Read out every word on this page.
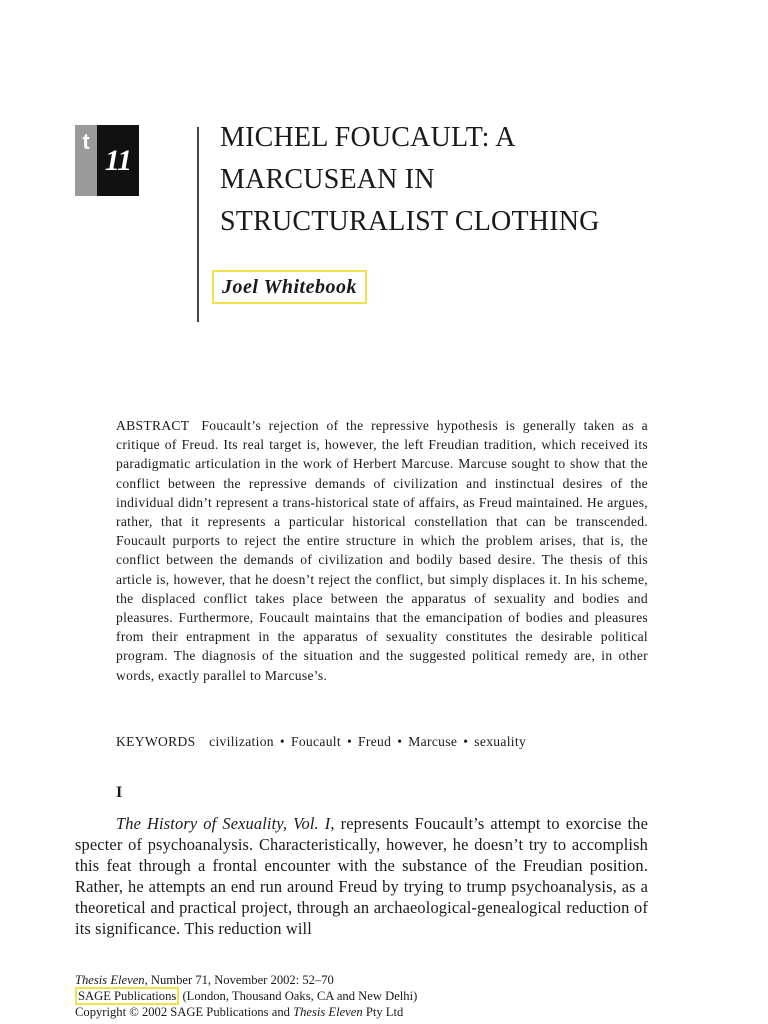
t
11
MICHEL FOUCAULT: A
MARCUSEAN IN
STRUCTURALIST CLOTHING
Joel Whitebook

ABSTRACT Foucault’s rejection of the repressive hypothesis is generally taken as a critique of Freud. Its real target is, however, the left Freudian tradition, which received its paradigmatic articulation in the work of Herbert Marcuse. Marcuse sought to show that the conflict between the repressive demands of civilization and instinctual desires of the individual didn’t represent a trans-historical state of affairs, as Freud maintained. He argues, rather, that it represents a particular historical constellation that can be transcended. Foucault purports to reject the entire structure in which the problem arises, that is, the conflict between the demands of civilization and bodily based desire. The thesis of this article is, however, that he doesn’t reject the conflict, but simply displaces it. In his scheme, the displaced conflict takes place between the apparatus of sexuality and bodies and pleasures. Furthermore, Foucault maintains that the emancipation of bodies and pleasures from their entrapment in the apparatus of sexuality constitutes the desirable political program. The diagnosis of the situation and the suggested political remedy are, in other words, exactly parallel to Marcuse’s.

KEYWORDS civilization • Foucault • Freud • Marcuse • sexuality
I

The History of Sexuality, Vol. I, represents Foucault’s attempt to exorcise the specter of psychoanalysis. Characteristically, however, he doesn’t try to accomplish this feat through a frontal encounter with the substance of the Freudian position. Rather, he attempts an end run around Freud by trying to trump psychoanalysis, as a theoretical and practical project, through an archaeological-genealogical reduction of its significance. This reduction will

Thesis Eleven, Number 71, November 2002: 52–70
SAGE Publications (London, Thousand Oaks, CA and New Delhi)
Copyright © 2002 SAGE Publications and Thesis Eleven Pty Ltd
